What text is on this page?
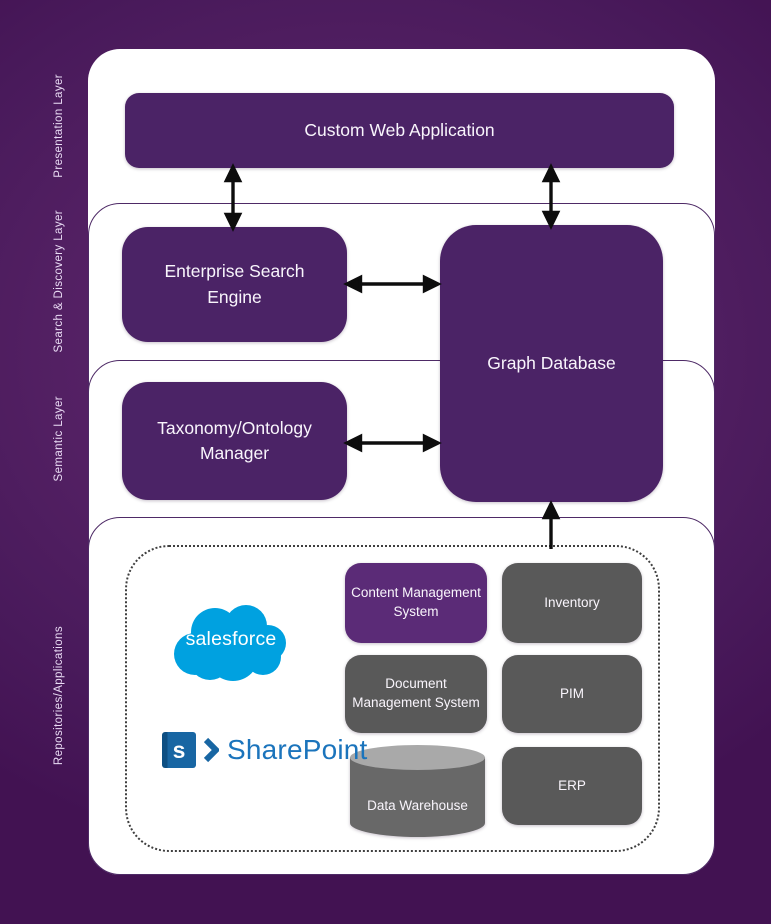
Presentation Layer
Search & Discovery Layer
Semantic Layer
Repositories/Applications
Custom Web Application
Enterprise Search Engine
Graph Database
Taxonomy/Ontology Manager
Content Management System
Inventory
Document Management System
PIM
ERP
Data Warehouse
salesforce
s SharePoint
